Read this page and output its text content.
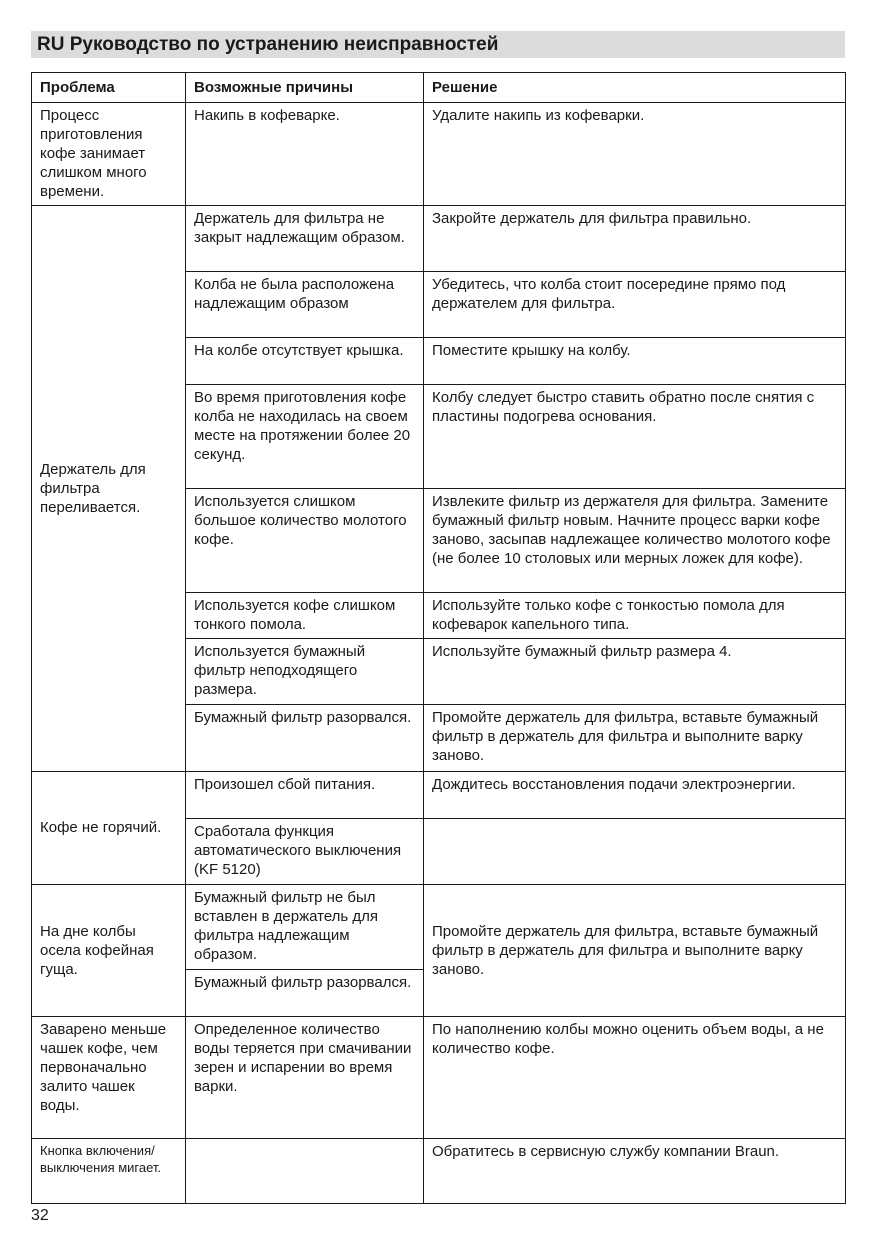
RU Руководство по устранению неисправностей
Проблема	Возможные причины	Решение
Процесс приготовления кофе занимает слишком много времени.	Накипь в кофеварке.	Удалите накипь из кофеварки.
Держатель для фильтра переливается.	Держатель для фильтра не закрыт надлежащим образом.	Закройте держатель для фильтра правильно.
	Колба не была расположена надлежащим образом	Убедитесь, что колба стоит посередине прямо под держателем для фильтра.
	На колбе отсутствует крышка.	Поместите крышку на колбу.
	Во время приготовления кофе колба не находилась на своем месте на протяжении более 20 секунд.	Колбу следует быстро ставить обратно после снятия с пластины подогрева основания.
	Используется слишком большое количество молотого кофе.	Извлеките фильтр из держателя для фильтра. Замените бумажный фильтр новым. Начните процесс варки кофе заново, засыпав надлежащее количество молотого кофе (не более 10 столовых или мерных ложек для кофе).
	Используется кофе слишком тонкого помола.	Используйте только кофе с тонкостью помола для кофеварок капельного типа.
	Используется бумажный фильтр неподходящего размера.	Используйте бумажный фильтр размера 4.
	Бумажный фильтр разорвался.	Промойте держатель для фильтра, вставьте бумажный фильтр в держатель для фильтра и выполните варку заново.
Кофе не горячий.	Произошел сбой питания.	Дождитесь восстановления подачи электроэнергии.
	Сработала функция автоматического выключения (KF 5120)	
На дне колбы осела кофейная гуща.	Бумажный фильтр не был вставлен в держатель для фильтра надлежащим образом.	Промойте держатель для фильтра, вставьте бумажный фильтр в держатель для фильтра и выполните варку заново.
	Бумажный фильтр разорвался.	
Заварено меньше чашек кофе, чем первоначально залито чашек воды.	Определенное количество воды теряется при смачивании зерен и испарении во время варки.	По наполнению колбы можно оценить объем воды, а не количество кофе.
Кнопка включения/ выключения мигает.		Обратитесь в сервисную службу компании Braun.
32
